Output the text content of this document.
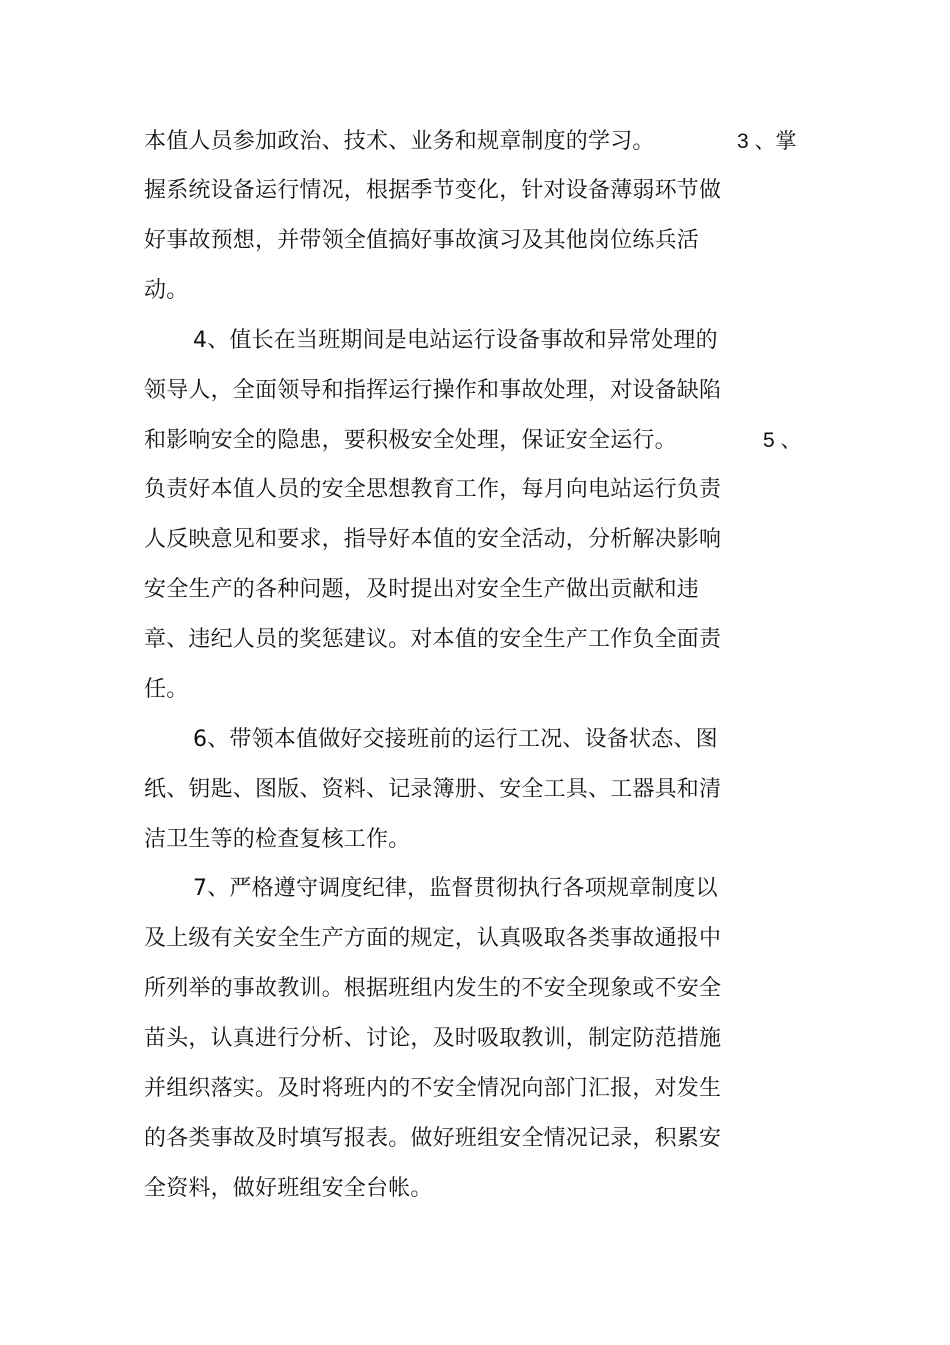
本值人员参加政治、技术、业务和规章制度的学习。	3 、掌
握系统设备运行情况，根据季节变化，针对设备薄弱环节做
好事故预想，并带领全值搞好事故演习及其他岗位练兵活
动。
4、值长在当班期间是电站运行设备事故和异常处理的
领导人，全面领导和指挥运行操作和事故处理，对设备缺陷
和影响安全的隐患，要积极安全处理，保证安全运行。	5 、
负责好本值人员的安全思想教育工作，每月向电站运行负责
人反映意见和要求，指导好本值的安全活动，分析解决影响
安全生产的各种问题，及时提出对安全生产做出贡献和违
章、违纪人员的奖惩建议。对本值的安全生产工作负全面责
任。
6、带领本值做好交接班前的运行工况、设备状态、图
纸、钥匙、图版、资料、记录簿册、安全工具、工器具和清
洁卫生等的检查复核工作。
7、严格遵守调度纪律，监督贯彻执行各项规章制度以
及上级有关安全生产方面的规定，认真吸取各类事故通报中
所列举的事故教训。根据班组内发生的不安全现象或不安全
苗头，认真进行分析、讨论，及时吸取教训，制定防范措施
并组织落实。及时将班内的不安全情况向部门汇报，对发生
的各类事故及时填写报表。做好班组安全情况记录，积累安
全资料，做好班组安全台帐。
